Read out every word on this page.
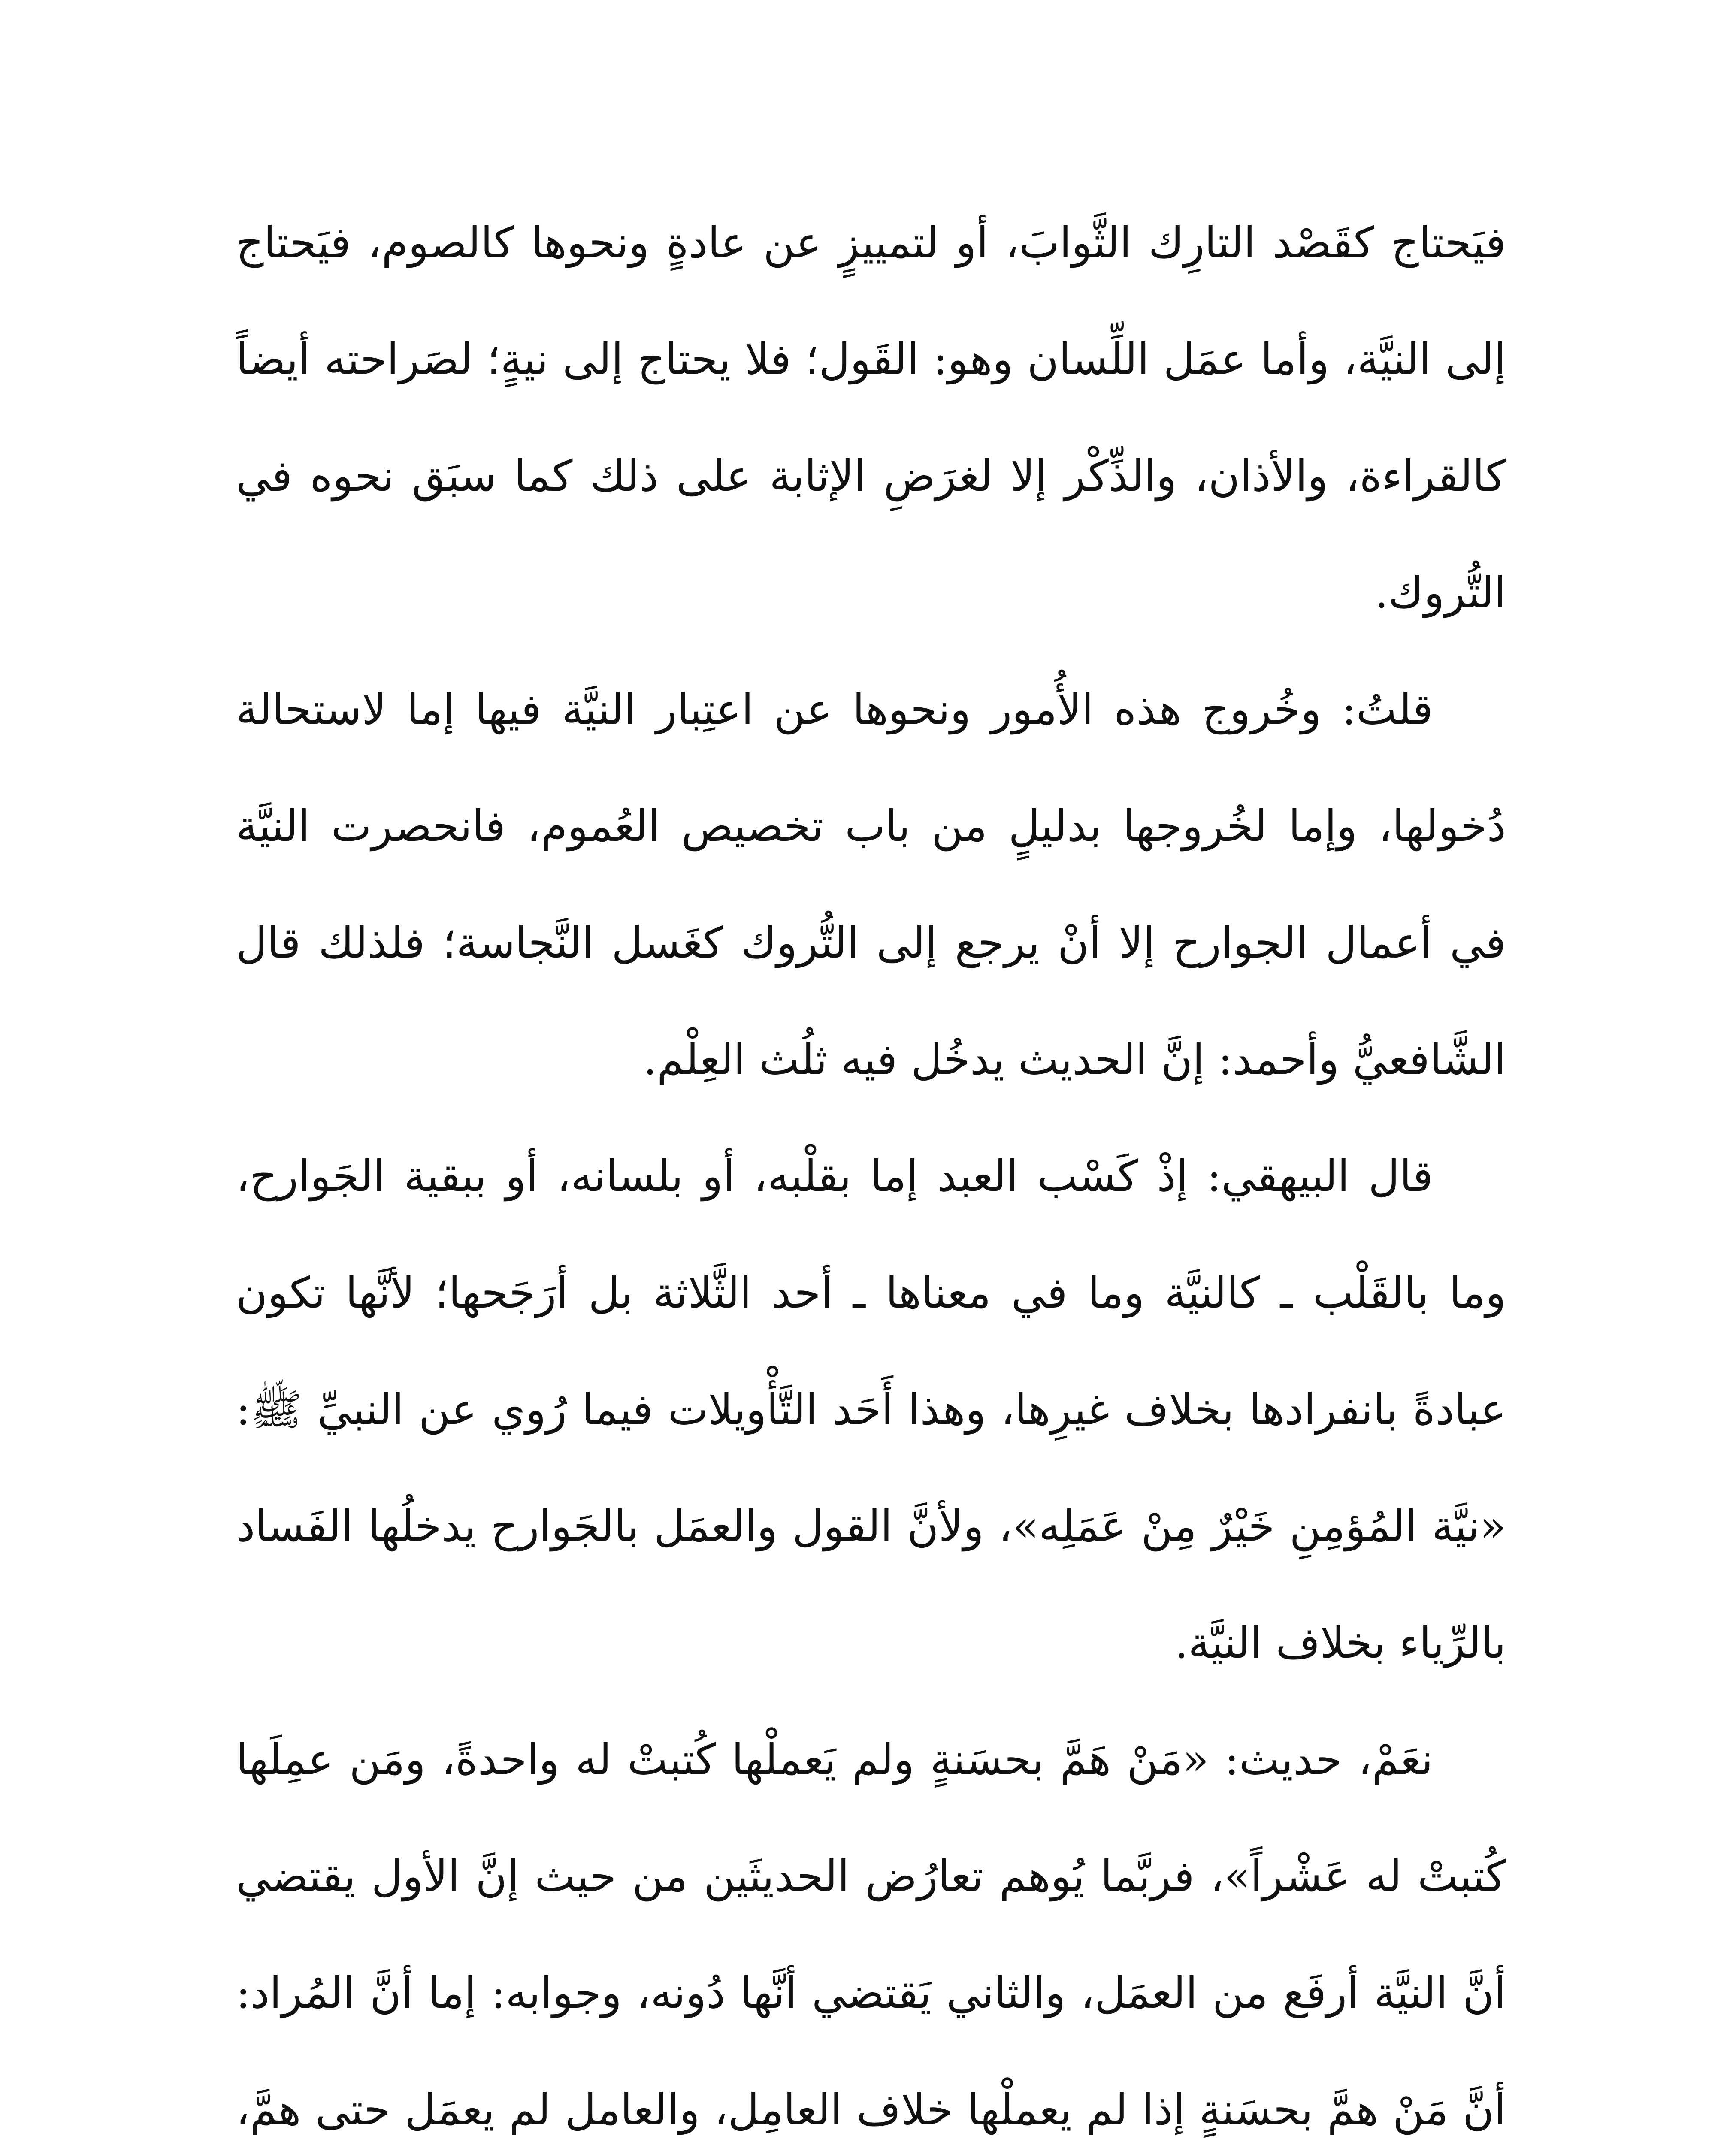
فيَحتاج كقَصْد التارِك الثَّوابَ، أو لتمييزٍ عن عادةٍ ونحوها كالصوم، فيَحتاج إلى النيَّة، وأما عمَل اللِّسان وهو: القَول؛ فلا يحتاج إلى نيةٍ؛ لصَراحته أيضاً كالقراءة، والأذان، والذِّكْر إلا لغرَضِ الإثابة على ذلك كما سبَق نحوه في التُّروك.

قلتُ: وخُروج هذه الأُمور ونحوها عن اعتِبار النيَّة فيها إما لاستحالة دُخولها، وإما لخُروجها بدليلٍ من باب تخصيص العُموم، فانحصرت النيَّة في أعمال الجوارح إلا أنْ يرجع إلى التُّروك كغَسل النَّجاسة؛ فلذلك قال الشَّافعيُّ وأحمد: إنَّ الحديث يدخُل فيه ثلُث العِلْم.

قال البيهقي: إذْ كَسْب العبد إما بقلْبه، أو بلسانه، أو ببقية الجَوارح، وما بالقَلْب ـ كالنيَّة وما في معناها ـ أحد الثَّلاثة بل أرَجَحها؛ لأنَّها تكون عبادةً بانفرادها بخلاف غيرِها، وهذا أَحَد التَّأْويلات فيما رُوي عن النبيِّ ﷺ: «نيَّة المُؤمِنِ خَيْرٌ مِنْ عَمَلِه»، ولأنَّ القول والعمَل بالجَوارح يدخلُها الفَساد بالرِّياء بخلاف النيَّة.

نعَمْ، حديث: «مَنْ هَمَّ بحسَنةٍ ولم يَعملْها كُتبتْ له واحدةً، ومَن عمِلَها كُتبتْ له عَشْراً»، فربَّما يُوهم تعارُض الحديثَين من حيث إنَّ الأول يقتضي أنَّ النيَّة أرفَع من العمَل، والثاني يَقتضي أنَّها دُونه، وجوابه: إما أنَّ المُراد: أنَّ مَنْ همَّ بحسَنةٍ إذا لم يعملْها خلاف العامِل، والعامل لم يعمَل حتى همَّ،
